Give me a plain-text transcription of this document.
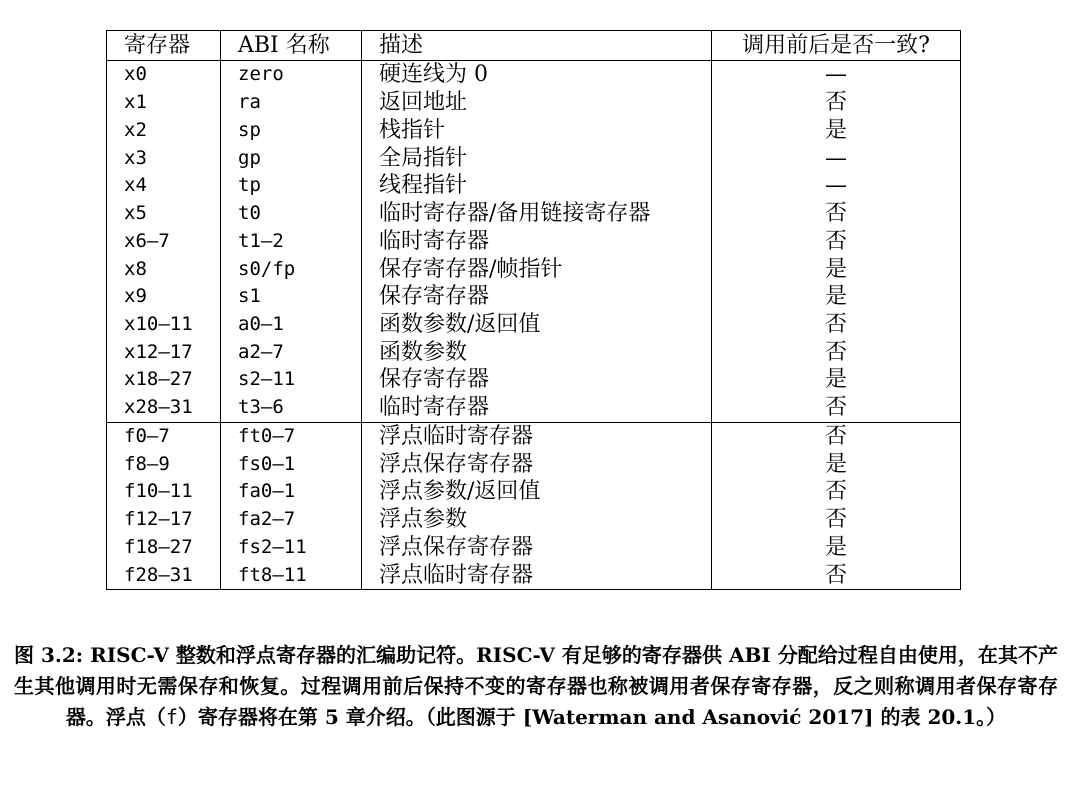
寄存器	ABI 名称	描述	调用前后是否一致?
x0	zero	硬连线为 0	—
x1	ra	返回地址	否
x2	sp	栈指针	是
x3	gp	全局指针	—
x4	tp	线程指针	—
x5	t0	临时寄存器/备用链接寄存器	否
x6–7	t1–2	临时寄存器	否
x8	s0/fp	保存寄存器/帧指针	是
x9	s1	保存寄存器	是
x10–11	a0–1	函数参数/返回值	否
x12–17	a2–7	函数参数	否
x18–27	s2–11	保存寄存器	是
x28–31	t3–6	临时寄存器	否
f0–7	ft0–7	浮点临时寄存器	否
f8–9	fs0–1	浮点保存寄存器	是
f10–11	fa0–1	浮点参数/返回值	否
f12–17	fa2–7	浮点参数	否
f18–27	fs2–11	浮点保存寄存器	是
f28–31	ft8–11	浮点临时寄存器	否
图 3.2: RISC-V 整数和浮点寄存器的汇编助记符。RISC-V 有足够的寄存器供 ABI 分配给过程自由使用，在其不产生其他调用时无需保存和恢复。过程调用前后保持不变的寄存器也称被调用者保存寄存器，反之则称调用者保存寄存器。浮点（f）寄存器将在第 5 章介绍。（此图源于 [Waterman and Asanović 2017] 的表 20.1。）
